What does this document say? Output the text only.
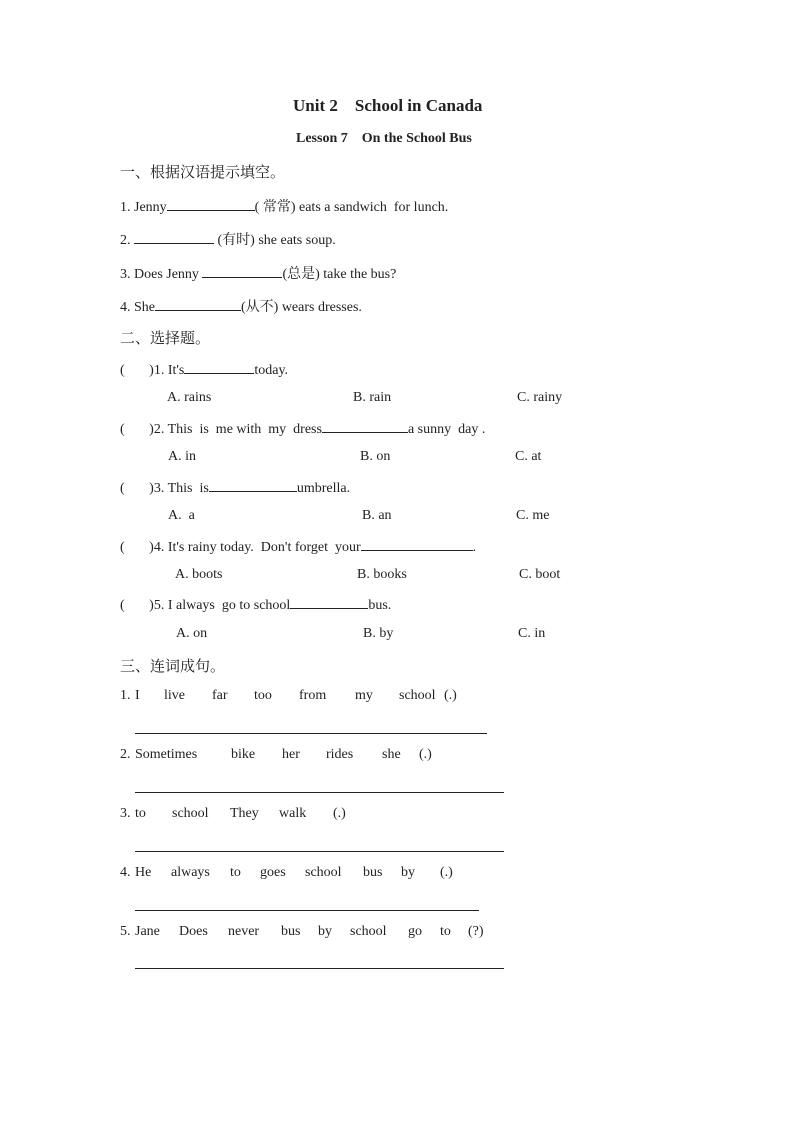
Unit 2    School in Canada
Lesson 7    On the School Bus
一、根据汉语提示填空。
1. Jenny	( 常常) eats a sandwich  for lunch.
2.	(有时) she eats soup.
3. Does Jenny	(总是) take the bus?
4. She	(从不) wears dresses.
二、选择题。
(       )1. It's	today.
A. rains	B. rain	C. rainy
(       )2. This  is  me with  my  dress	a sunny  day .
A. in	B. on	C. at
(       )3. This  is	umbrella.
A.  a	B. an	C. me
(       )4. It's rainy today.  Don't forget  your	.
A. boots	B. books	C. boot
(       )5. I always  go to school	bus.
A. on	B. by	C. in
三、连词成句。
1. I live far too from my school (.)
2. Sometimes bike her rides she (.)
3. to school They walk (.)
4. He always to goes school bus by (.)
5. Jane Does never bus by school go to (?)
